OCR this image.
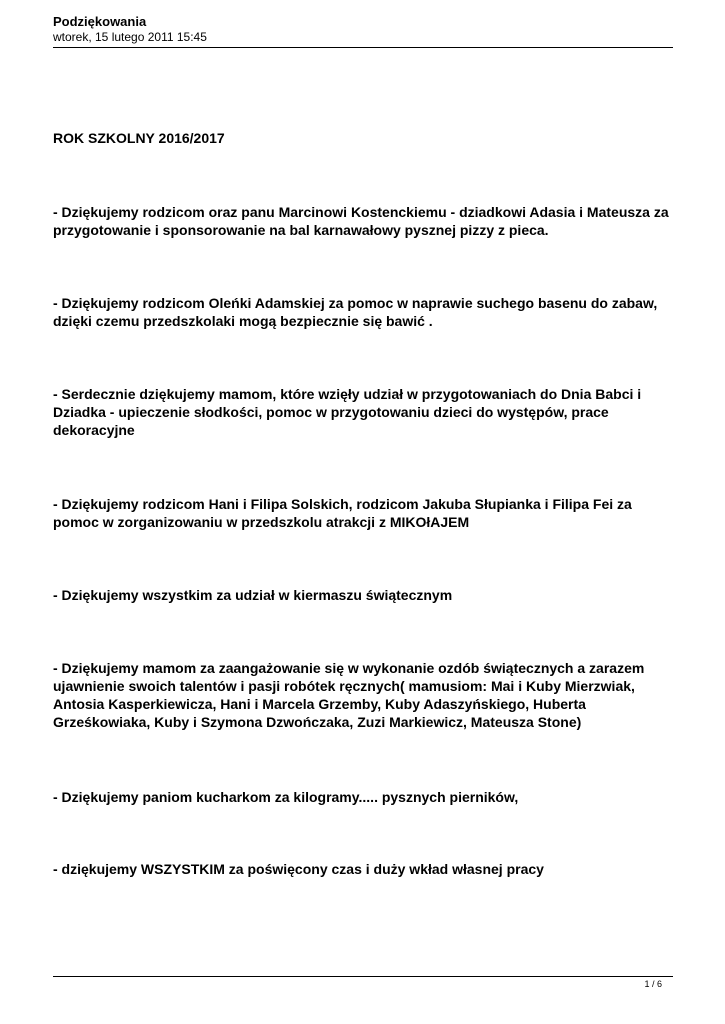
Podziękowania
wtorek, 15 lutego 2011 15:45

ROK SZKOLNY 2016/2017

- Dziękujemy rodzicom oraz panu Marcinowi Kostenckiemu - dziadkowi Adasia i Mateusza za przygotowanie i sponsorowanie na bal karnawałowy pysznej pizzy z pieca.

- Dziękujemy rodzicom Oleńki Adamskiej za pomoc w naprawie suchego basenu do zabaw, dzięki czemu przedszkolaki mogą bezpiecznie się bawić .

- Serdecznie dziękujemy mamom, które wzięły udział w przygotowaniach do Dnia Babci i Dziadka - upieczenie słodkości, pomoc w przygotowaniu dzieci do występów, prace dekoracyjne

- Dziękujemy rodzicom Hani i Filipa Solskich, rodzicom Jakuba Słupianka i Filipa Fei za pomoc w zorganizowaniu w przedszkolu atrakcji z MIKOłAJEM

- Dziękujemy wszystkim za udział w kiermaszu świątecznym

- Dziękujemy mamom za zaangażowanie się w wykonanie ozdób świątecznych a zarazem ujawnienie swoich talentów i pasji robótek ręcznych( mamusiom: Mai i Kuby Mierzwiak, Antosia Kasperkiewicza, Hani i Marcela Grzemby, Kuby Adaszyńskiego, Huberta Grześkowiaka, Kuby i Szymona Dzwończaka, Zuzi Markiewicz, Mateusza Stone)

- Dziękujemy paniom kucharkom za kilogramy..... pysznych pierników,

- dziękujemy WSZYSTKIM za poświęcony czas i duży wkład własnej pracy

1 / 6
